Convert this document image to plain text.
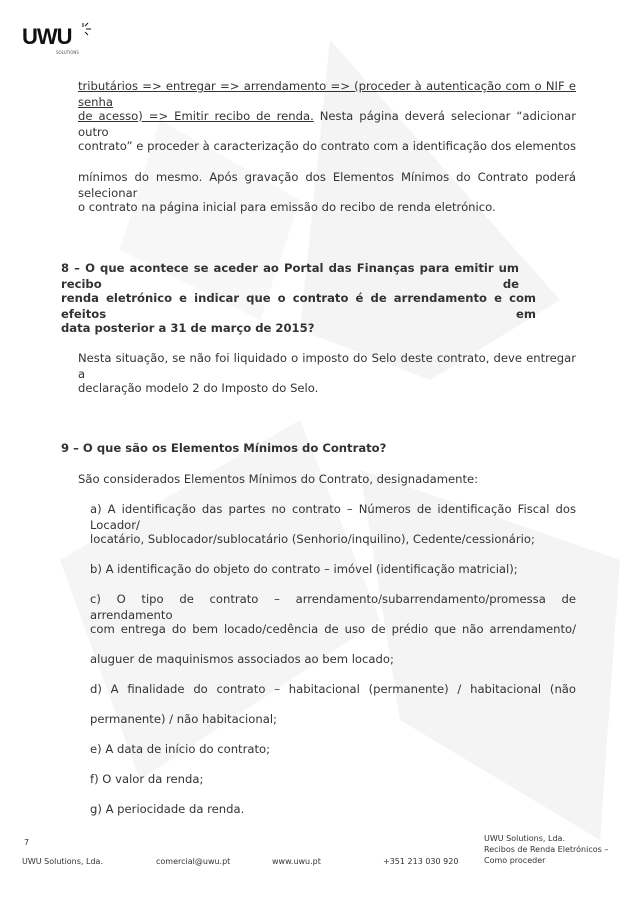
UWU
SOLUTIONS
tributários => entregar => arrendamento => (proceder à autenticação com o NIF e senha
de acesso) => Emitir recibo de renda. Nesta página deverá selecionar “adicionar outro
contrato” e proceder à caracterização do contrato com a identificação dos elementos
mínimos do mesmo. Após gravação dos Elementos Mínimos do Contrato poderá selecionar
o contrato na página inicial para emissão do recibo de renda eletrónico.
8 – O que acontece se aceder ao Portal das Finanças para emitir um recibo de
renda eletrónico e indicar que o contrato é de arrendamento e com efeitos em
data posterior a 31 de março de 2015?
Nesta situação, se não foi liquidado o imposto do Selo deste contrato, deve entregar a
declaração modelo 2 do Imposto do Selo.
9 – O que são os Elementos Mínimos do Contrato?
São considerados Elementos Mínimos do Contrato, designadamente:
a) A identificação das partes no contrato – Números de identificação Fiscal dos Locador/
locatário, Sublocador/sublocatário (Senhorio/inquilino), Cedente/cessionário;
b) A identificação do objeto do contrato – imóvel (identificação matricial);
c) O tipo de contrato – arrendamento/subarrendamento/promessa de arrendamento
com entrega do bem locado/cedência de uso de prédio que não arrendamento/
aluguer de maquinismos associados ao bem locado;
d) A finalidade do contrato – habitacional (permanente) / habitacional (não
permanente) / não habitacional;
e) A data de início do contrato;
f) O valor da renda;
g) A periocidade da renda.
7
UWU Solutions, Lda.	comercial@uwu.pt	www.uwu.pt	+351 213 030 920
UWU Solutions, Lda.
Recibos de Renda Eletrónicos –
Como proceder
